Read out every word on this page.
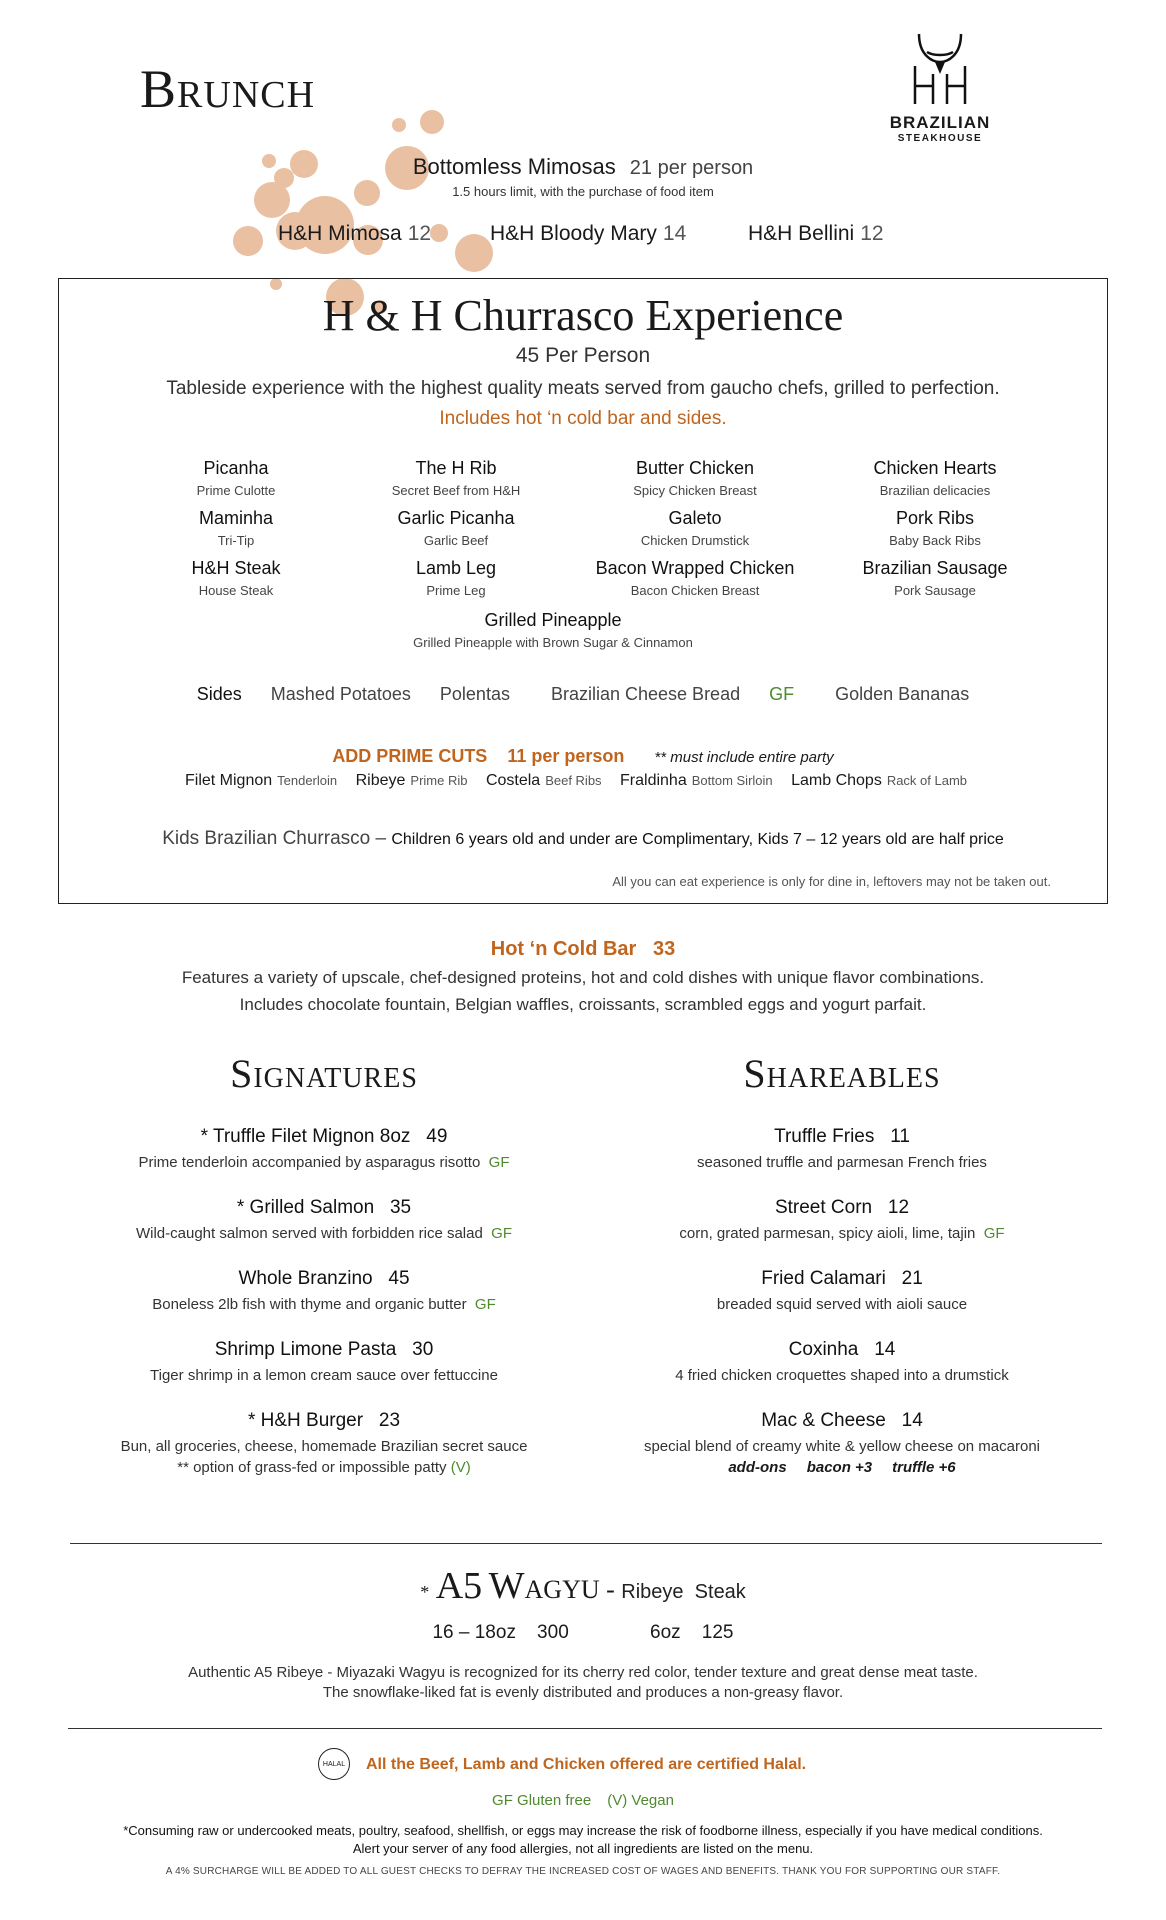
BRUNCH
BRAZILIAN
STEAKHOUSE
Bottomless Mimosas 21 per person
1.5 hours limit, with the purchase of food item
H&H Mimosa 12	H&H Bloody Mary 14	H&H Bellini 12
H & H Churrasco Experience
45 Per Person
Tableside experience with the highest quality meats served from gaucho chefs, grilled to perfection.
Includes hot ‘n cold bar and sides.
Picanha
Prime Culotte
The H Rib
Secret Beef from H&H
Butter Chicken
Spicy Chicken Breast
Chicken Hearts
Brazilian delicacies
Maminha
Tri-Tip
Garlic Picanha
Garlic Beef
Galeto
Chicken Drumstick
Pork Ribs
Baby Back Ribs
H&H Steak
House Steak
Lamb Leg
Prime Leg
Bacon Wrapped Chicken
Bacon Chicken Breast
Brazilian Sausage
Pork Sausage
Grilled Pineapple
Grilled Pineapple with Brown Sugar & Cinnamon
Sides Mashed Potatoes Polentas Brazilian Cheese Bread GF Golden Bananas
ADD PRIME CUTS 11 per person ** must include entire party
Filet Mignon Tenderloin Ribeye Prime Rib Costela Beef Ribs Fraldinha Bottom Sirloin Lamb Chops Rack of Lamb
Kids Brazilian Churrasco – Children 6 years old and under are Complimentary, Kids 7 – 12 years old are half price
All you can eat experience is only for dine in, leftovers may not be taken out.
Hot ‘n Cold Bar   33
Features a variety of upscale, chef-designed proteins, hot and cold dishes with unique flavor combinations.
Includes chocolate fountain, Belgian waffles, croissants, scrambled eggs and yogurt parfait.
SIGNATURES
* Truffle Filet Mignon 8oz   49
Prime tenderloin accompanied by asparagus risotto GF
* Grilled Salmon   35
Wild-caught salmon served with forbidden rice salad GF
Whole Branzino   45
Boneless 2lb fish with thyme and organic butter GF
Shrimp Limone Pasta   30
Tiger shrimp in a lemon cream sauce over fettuccine
* H&H Burger   23
Bun, all groceries, cheese, homemade Brazilian secret sauce
** option of grass-fed or impossible patty (V)
SHAREABLES
Truffle Fries   11
seasoned truffle and parmesan French fries
Street Corn   12
corn, grated parmesan, spicy aioli, lime, tajin GF
Fried Calamari   21
breaded squid served with aioli sauce
Coxinha   14
4 fried chicken croquettes shaped into a drumstick
Mac & Cheese   14
special blend of creamy white & yellow cheese on macaroni
add-ons bacon +3 truffle +6
* A5 WAGYU - Ribeye  Steak
16 – 18oz    300	6oz    125
Authentic A5 Ribeye - Miyazaki Wagyu is recognized for its cherry red color, tender texture and great dense meat taste.
The snowflake-liked fat is evenly distributed and produces a non-greasy flavor.
HALAL	All the Beef, Lamb and Chicken offered are certified Halal.
GF Gluten free (V) Vegan
*Consuming raw or undercooked meats, poultry, seafood, shellfish, or eggs may increase the risk of foodborne illness, especially if you have medical conditions.
Alert your server of any food allergies, not all ingredients are listed on the menu.
A 4% SURCHARGE WILL BE ADDED TO ALL GUEST CHECKS TO DEFRAY THE INCREASED COST OF WAGES AND BENEFITS. THANK YOU FOR SUPPORTING OUR STAFF.
